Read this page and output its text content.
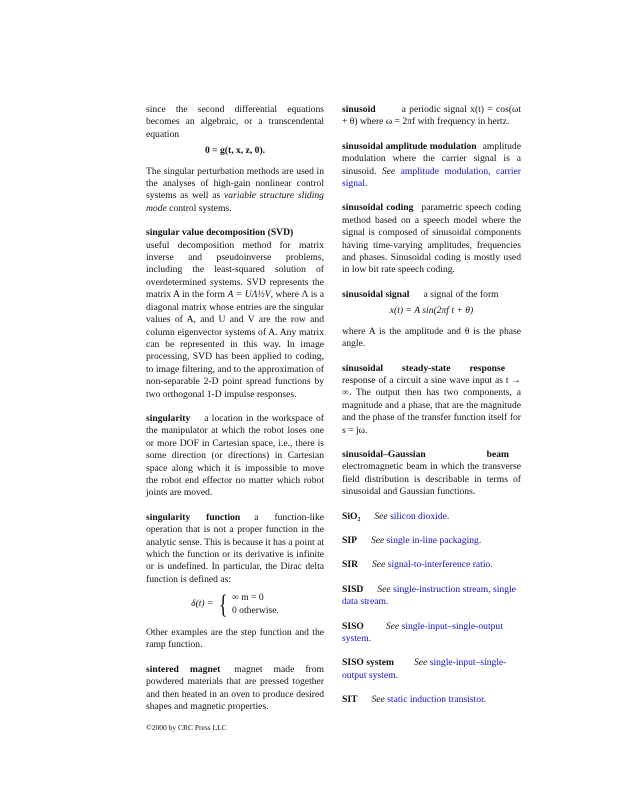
since the second differential equations becomes an algebraic, or a transcendental equation

0 = g(t, x, z, 0).

The singular perturbation methods are used in the analyses of high-gain nonlinear control systems as well as variable structure sliding mode control systems.

singular value decomposition (SVD)
useful decomposition method for matrix inverse and pseudoinverse problems, including the least-squared solution of overdetermined systems. SVD represents the matrix A in the form A = UΛ½V, where Λ is a diagonal matrix whose entries are the singular values of A, and U and V are the row and column eigenvector systems of A. Any matrix can be represented in this way. In image processing, SVD has been applied to coding, to image filtering, and to the approximation of non-separable 2-D point spread functions by two orthogonal 1-D impulse responses.

singularity a location in the workspace of the manipulator at which the robot loses one or more DOF in Cartesian space, i.e., there is some direction (or directions) in Cartesian space along which it is impossible to move the robot end effector no matter which robot joints are moved.

singularity function a function-like operation that is not a proper function in the analytic sense. This is because it has a point at which the function or its derivative is infinite or is undefined. In particular, the Dirac delta function is defined as:

δ(t) = { ∞ m = 0
0 otherwise.

Other examples are the step function and the ramp function.

sintered magnet magnet made from powdered materials that are pressed together and then heated in an oven to produce desired shapes and magnetic properties.

sinusoid	a periodic signal x(t) = cos(ωt + θ) where ω = 2πf with frequency in hertz.

sinusoidal amplitude modulation amplitude modulation where the carrier signal is a sinusoid. See amplitude modulation, carrier signal.

sinusoidal coding parametric speech coding method based on a speech model where the signal is composed of sinusoidal components having time-varying amplitudes, frequencies and phases. Sinusoidal coding is mostly used in low bit rate speech coding.

sinusoidal signal a signal of the form

x(t) = A sin(2πf t + θ)

where A is the amplitude and θ is the phase angle.

sinusoidal steady-state responseresponse of a circuit a sine wave input as t → ∞. The output then has two components, a magnitude and a phase, that are the magnitude and the phase of the transfer function itself for s = jω.

sinusoidal–Gaussian beamelectromagnetic beam in which the transverse field distribution is describable in terms of sinusoidal and Gaussian functions.

SiO₂ See silicon dioxide.

SIP See single in-line packaging.

SIR See signal-to-interference ratio.

SISD See single-instruction stream, single data stream.

SISO See single-input–single-output system.

SISO system See single-input–single-output system.

SIT See static induction transistor.

©2000 by CRC Press LLC
